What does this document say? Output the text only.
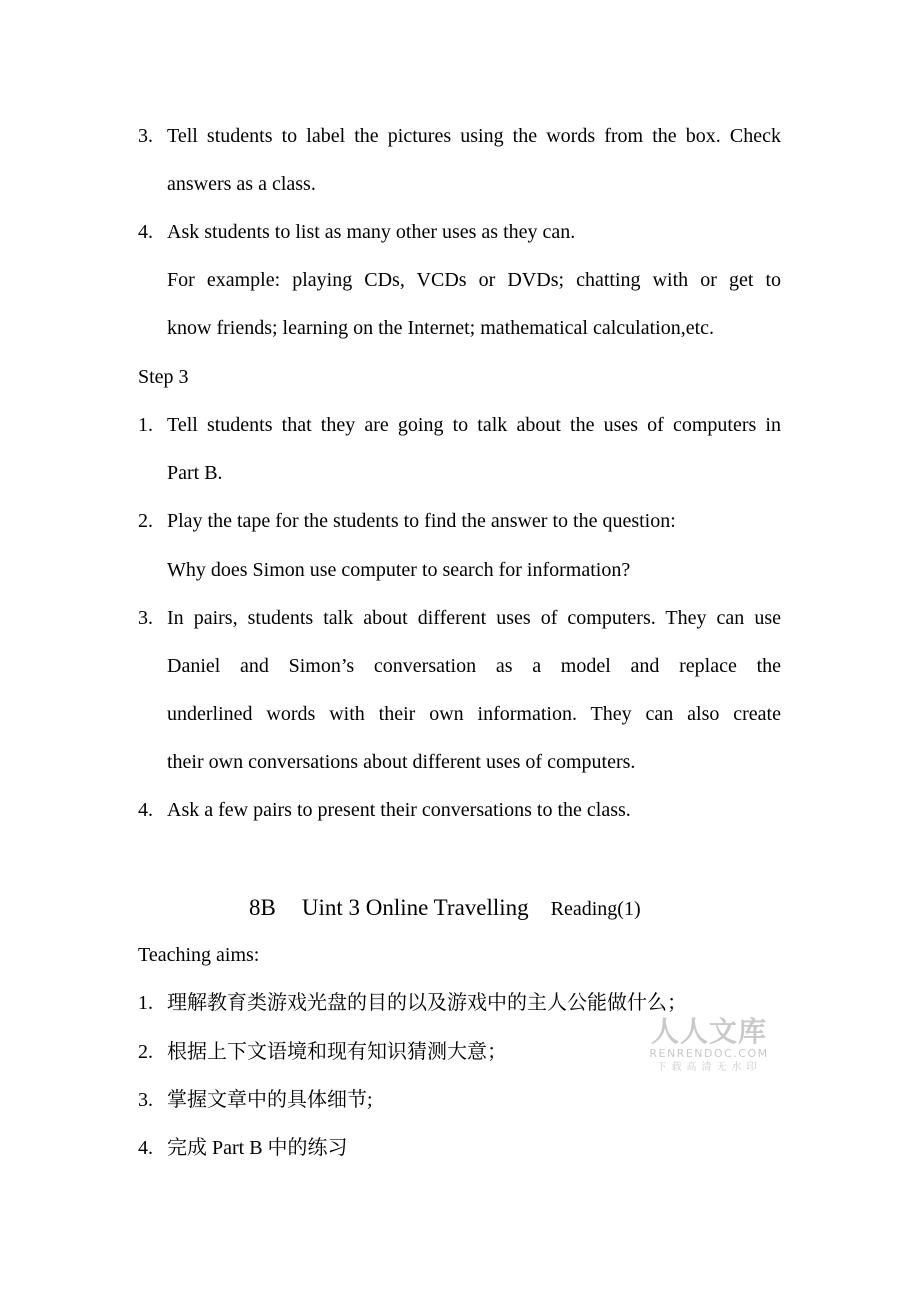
3. Tell students to label the pictures using the words from the box. Check
answers as a class.
4. Ask students to list as many other uses as they can.
For example: playing CDs, VCDs or DVDs; chatting with or get to
know friends; learning on the Internet; mathematical calculation,etc.
Step 3
1. Tell students that they are going to talk about the uses of computers in
Part B.
2. Play the tape for the students to find the answer to the question:
Why does Simon use computer to search for information?
3. In pairs, students talk about different uses of computers. They can use
Daniel and Simon’s conversation as a model and replace the
underlined words with their own information. They can also create
their own conversations about different uses of computers.
4. Ask a few pairs to present their conversations to the class.
8B Uint 3 Online Travelling Reading(1)
Teaching aims:
1. 理解教育类游戏光盘的目的以及游戏中的主人公能做什么；
2. 根据上下文语境和现有知识猜测大意；
3. 掌握文章中的具体细节;
4. 完成 Part B 中的练习
人人文库
RENRENDOC.COM
下载高清无水印
